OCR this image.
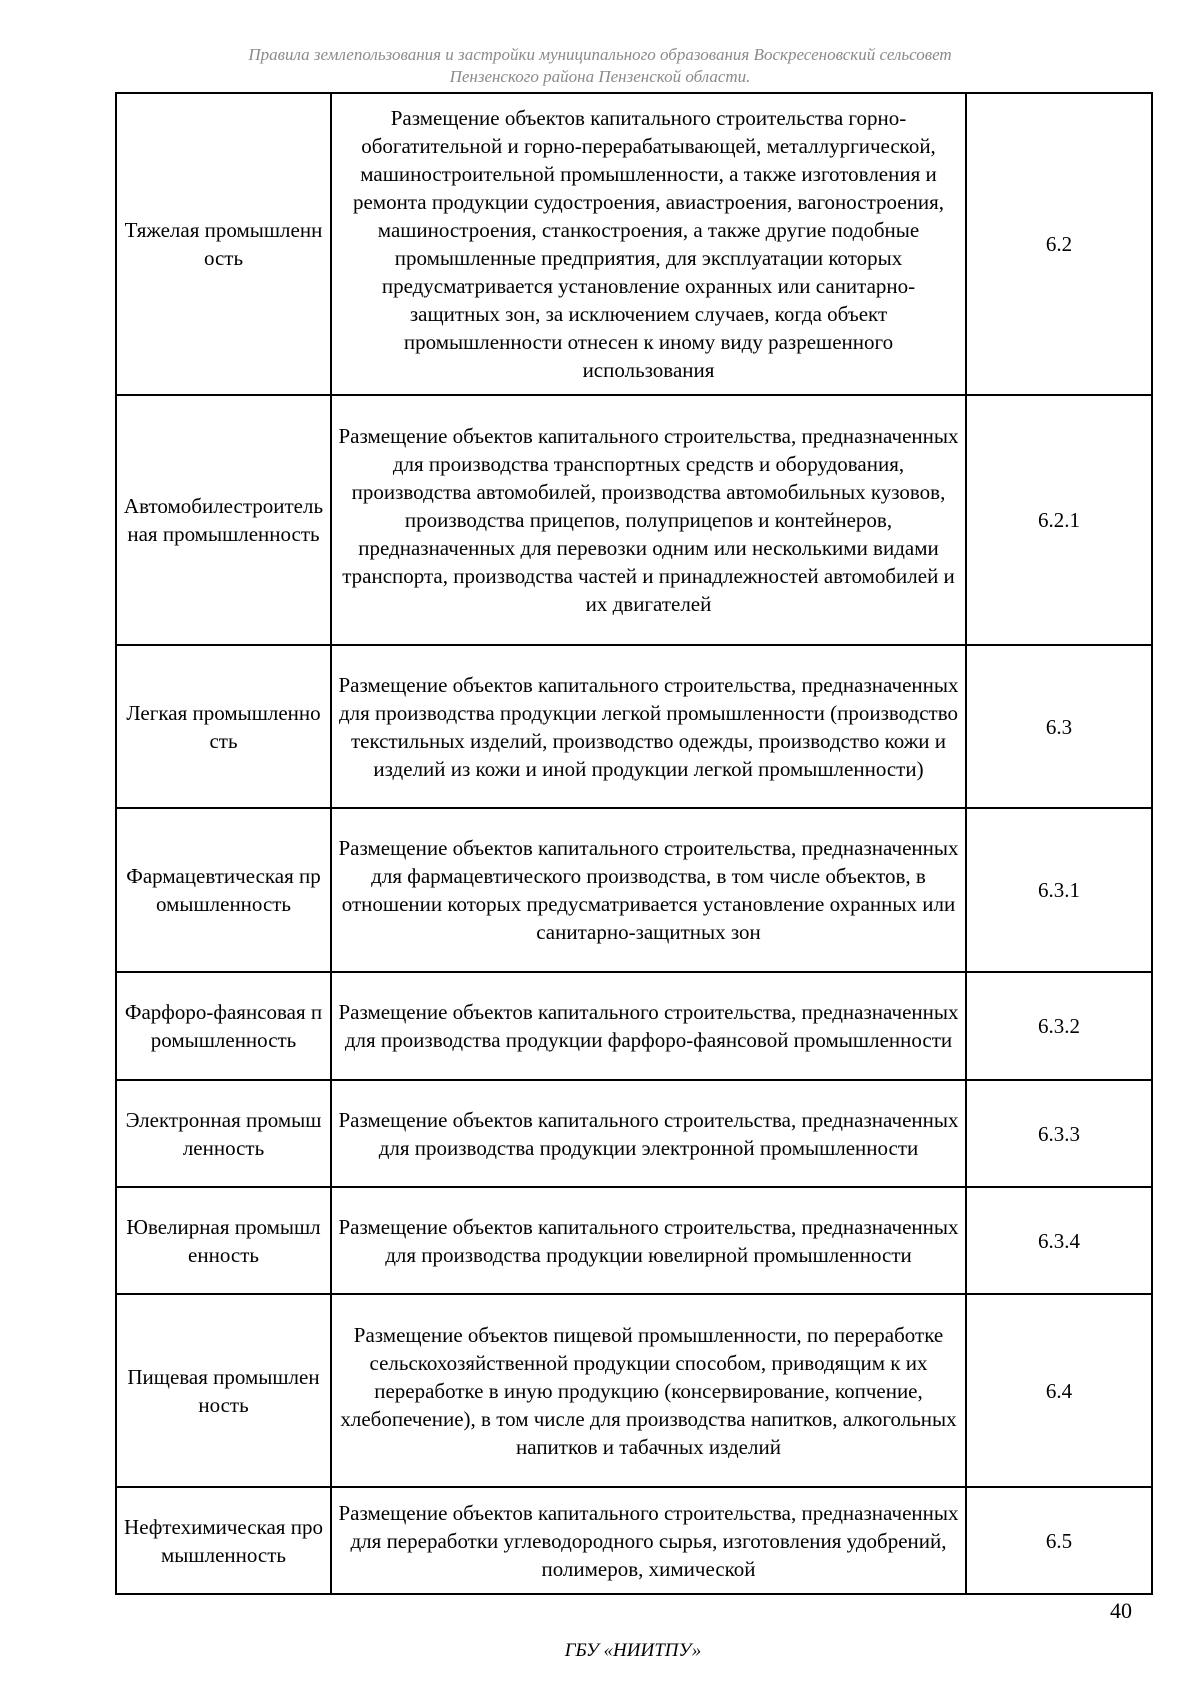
Правила землепользования и застройки муниципального образования Воскресеновский сельсовет
Пензенского района Пензенской области.
Тяжелая промышленность	Размещение объектов капитального строительства горно-обогатительной и горно-перерабатывающей, металлургической, машиностроительной промышленности, а также изготовления и ремонта продукции судостроения, авиастроения, вагоностроения, машиностроения, станкостроения, а также другие подобные промышленные предприятия, для эксплуатации которых предусматривается установление охранных или санитарно-защитных зон, за исключением случаев, когда объект промышленности отнесен к иному виду разрешенного использования	6.2
Автомобилестроительная промышленность	Размещение объектов капитального строительства, предназначенных для производства транспортных средств и оборудования, производства автомобилей, производства автомобильных кузовов, производства прицепов, полуприцепов и контейнеров, предназначенных для перевозки одним или несколькими видами транспорта, производства частей и принадлежностей автомобилей и их двигателей	6.2.1
Легкая промышленность	Размещение объектов капитального строительства, предназначенных для производства продукции легкой промышленности (производство текстильных изделий, производство одежды, производство кожи и изделий из кожи и иной продукции легкой промышленности)	6.3
Фармацевтическая промышленность	Размещение объектов капитального строительства, предназначенных для фармацевтического производства, в том числе объектов, в отношении которых предусматривается установление охранных или санитарно-защитных зон	6.3.1
Фарфоро-фаянсовая промышленность	Размещение объектов капитального строительства, предназначенных для производства продукции фарфоро-фаянсовой промышленности	6.3.2
Электронная промышленность	Размещение объектов капитального строительства, предназначенных для производства продукции электронной промышленности	6.3.3
Ювелирная промышленность	Размещение объектов капитального строительства, предназначенных для производства продукции ювелирной промышленности	6.3.4
Пищевая промышленность	Размещение объектов пищевой промышленности, по переработке сельскохозяйственной продукции способом, приводящим к их переработке в иную продукцию (консервирование, копчение, хлебопечение), в том числе для производства напитков, алкогольных напитков и табачных изделий	6.4
Нефтехимическая промышленность	Размещение объектов капитального строительства, предназначенных для переработки углеводородного сырья, изготовления удобрений, полимеров, химической	6.5
40
ГБУ «НИИТПУ»
